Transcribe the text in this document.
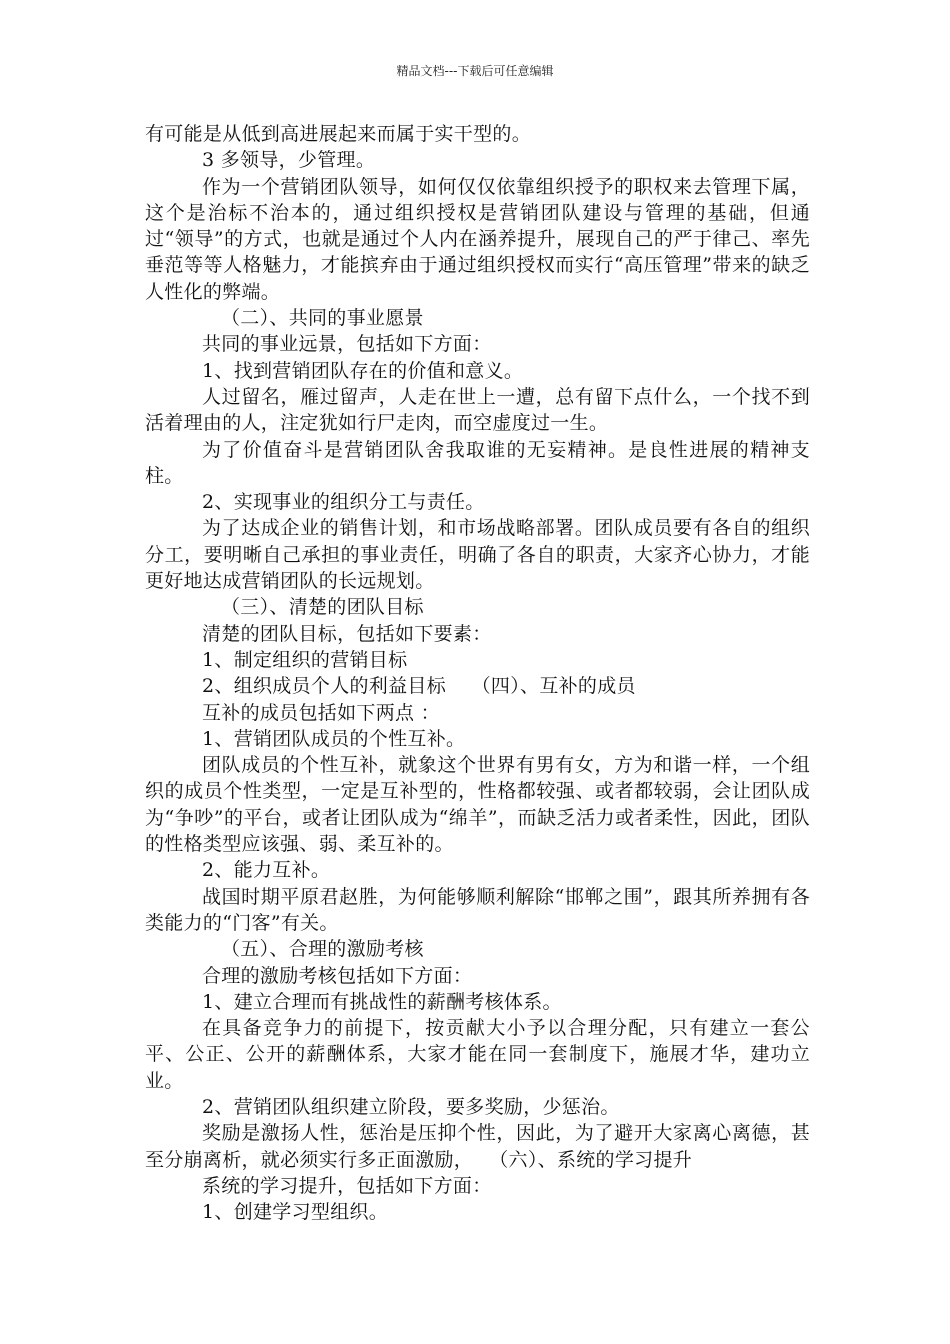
精品文档---下载后可任意编辑

有可能是从低到高进展起来而属于实干型的。

3 多领导，少管理。

作为一个营销团队领导，如何仅仅依靠组织授予的职权来去管理下属，这个是治标不治本的，通过组织授权是营销团队建设与管理的基础，但通过“领导”的方式，也就是通过个人内在涵养提升，展现自己的严于律己、率先垂范等等人格魅力，才能摈弃由于通过组织授权而实行“高压管理”带来的缺乏人性化的弊端。

（二）、共同的事业愿景

共同的事业远景，包括如下方面：

1、找到营销团队存在的价值和意义。

人过留名，雁过留声，人走在世上一遭，总有留下点什么，一个找不到活着理由的人，注定犹如行尸走肉，而空虚度过一生。

为了价值奋斗是营销团队舍我取谁的无妄精神。是良性进展的精神支柱。

2、实现事业的组织分工与责任。

为了达成企业的销售计划，和市场战略部署。团队成员要有各自的组织分工，要明晰自己承担的事业责任，明确了各自的职责，大家齐心协力，才能更好地达成营销团队的长远规划。

（三）、清楚的团队目标

清楚的团队目标，包括如下要素：

1、制定组织的营销目标

2、组织成员个人的利益目标　 （四）、互补的成员

互补的成员包括如下两点 ：

1、营销团队成员的个性互补。

团队成员的个性互补，就象这个世界有男有女，方为和谐一样，一个组织的成员个性类型，一定是互补型的，性格都较强、或者都较弱，会让团队成为“争吵”的平台，或者让团队成为“绵羊”，而缺乏活力或者柔性，因此，团队的性格类型应该强、弱、柔互补的。

2、能力互补。

战国时期平原君赵胜，为何能够顺利解除“邯郸之围”，跟其所养拥有各类能力的“门客”有关。

（五）、合理的激励考核

合理的激励考核包括如下方面：

1、建立合理而有挑战性的薪酬考核体系。

在具备竞争力的前提下，按贡献大小予以合理分配，只有建立一套公平、公正、公开的薪酬体系，大家才能在同一套制度下，施展才华，建功立业。

2、营销团队组织建立阶段，要多奖励，少惩治。

奖励是激扬人性，惩治是压抑个性，因此，为了避开大家离心离德，甚至分崩离析，就必须实行多正面激励，　 （六）、系统的学习提升

系统的学习提升，包括如下方面：

1、创建学习型组织。
